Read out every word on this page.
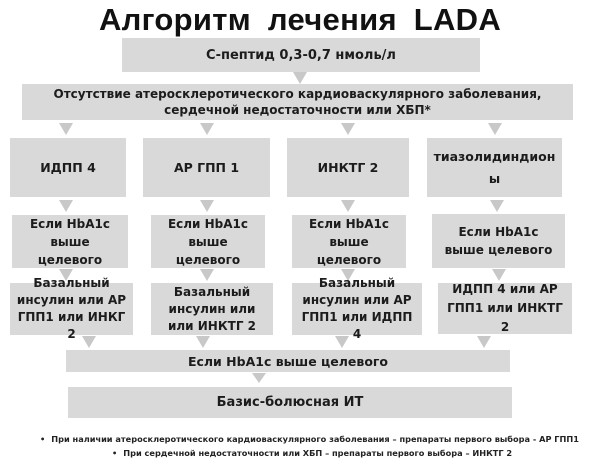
Алгоритм лечения LADA
С-пептид 0,3-0,7 нмоль/л
Отсутствие атеросклеротического кардиоваскулярного заболевания, сердечной недостаточности или ХБП*
ИДПП 4	АР ГПП 1	ИНКТГ 2
тиазолидиндион ы
Если HbA1c выше целевого
Если HbA1c выше целевого
Если HbA1c выше целевого
Если HbA1c выше целевого
Базальный инсулин или АР ГПП1 или ИНКГ 2
Базальный инсулин или или ИНКТГ 2
Базальный инсулин или АР ГПП1 или ИДПП 4
ИДПП 4 или АР ГПП1 или ИНКТГ 2
Если HbA1c выше целевого
Базис-болюсная ИТ
• При наличии атеросклеротического кардиоваскулярного заболевания – препараты первого выбора - АР ГПП1
• При сердечной недостаточности или ХБП – препараты первого выбора – ИНКТГ 2
